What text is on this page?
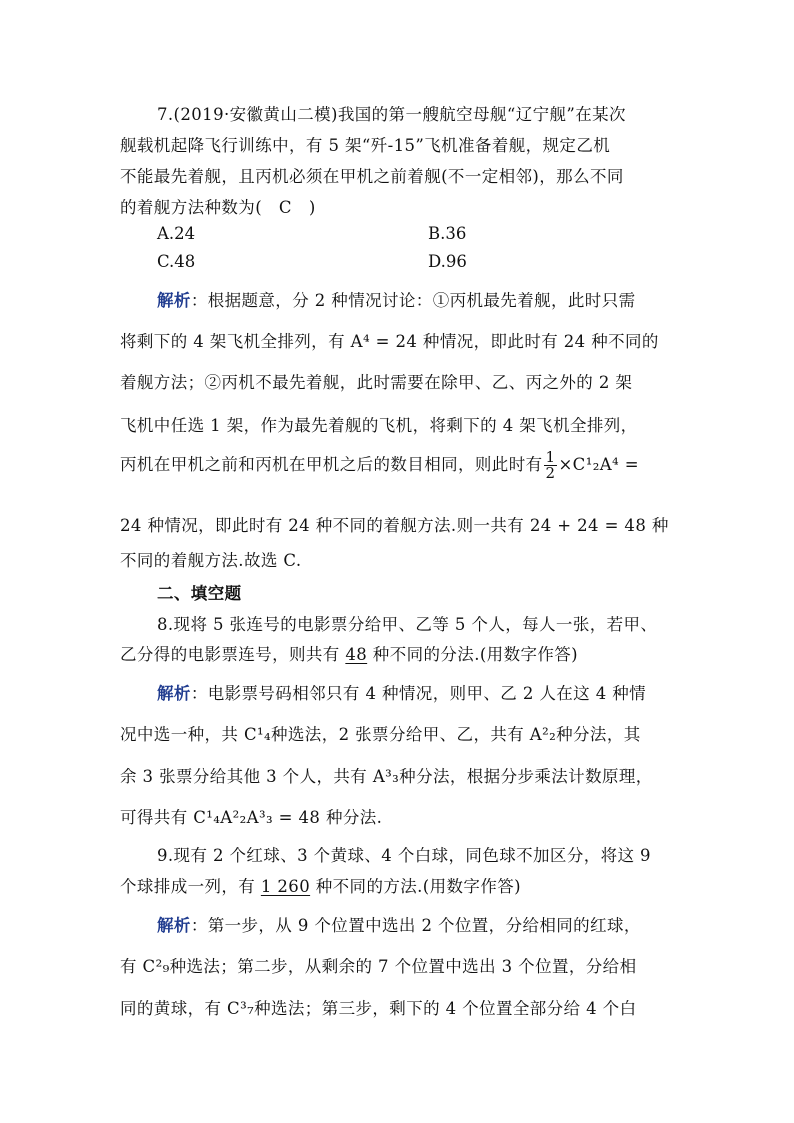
7.(2019·安徽黄山二模)我国的第一艘航空母舰“辽宁舰”在某次
舰载机起降飞行训练中，有 5 架“歼-15”飞机准备着舰，规定乙机
不能最先着舰，且丙机必须在甲机之前着舰(不一定相邻)，那么不同
的着舰方法种数为(　C　)
A.24	B.36
C.48	D.96
解析：根据题意，分 2 种情况讨论：①丙机最先着舰，此时只需
将剩下的 4 架飞机全排列，有 A⁴ = 24 种情况，即此时有 24 种不同的
着舰方法；②丙机不最先着舰，此时需要在除甲、乙、丙之外的 2 架
飞机中任选 1 架，作为最先着舰的飞机，将剩下的 4 架飞机全排列，
丙机在甲机之前和丙机在甲机之后的数目相同，则此时有 $\frac{1}{2} \times C^1_2A^4$ =
24 种情况，即此时有 24 种不同的着舰方法.则一共有 24 + 24 = 48 种
不同的着舰方法.故选 C.
二、填空题
8.现将 5 张连号的电影票分给甲、乙等 5 个人，每人一张，若甲、
乙分得的电影票连号，则共有 48 种不同的分法.(用数字作答)
解析：电影票号码相邻只有 4 种情况，则甲、乙 2 人在这 4 种情
况中选一种，共 C¹₄种选法，2 张票分给甲、乙，共有 A²₂种分法，其
余 3 张票分给其他 3 个人，共有 A³₃种分法，根据分步乘法计数原理，
可得共有 C¹₄A²₂A³₃ = 48 种分法.
9.现有 2 个红球、3 个黄球、4 个白球，同色球不加区分，将这 9
个球排成一列，有 1 260 种不同的方法.(用数字作答)
解析：第一步，从 9 个位置中选出 2 个位置，分给相同的红球，
有 C²₉种选法；第二步，从剩余的 7 个位置中选出 3 个位置，分给相
同的黄球，有 C³₇种选法；第三步，剩下的 4 个位置全部分给 4 个白
